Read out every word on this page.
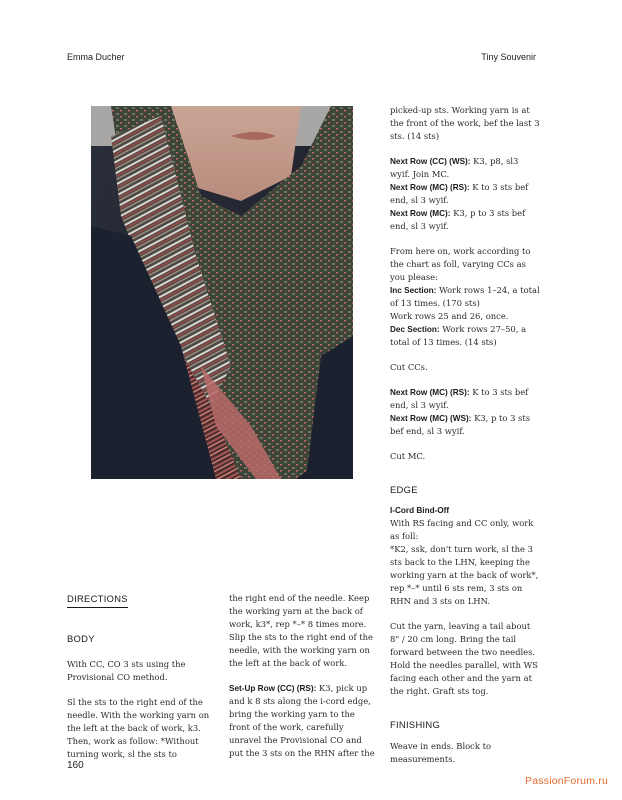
Emma Ducher	Tiny Souvenir
DIRECTIONS
BODY

With CC, CO 3 sts using the Provisional CO method.

Sl the sts to the right end of the needle. With the working yarn on the left at the back of work, k3. Then, work as follow: *Without turning work, sl the sts to

the right end of the needle. Keep the working yarn at the back of work, k3*, rep *–* 8 times more. Slip the sts to the right end of the needle, with the working yarn on the left at the back of work.

Set-Up Row (CC) (RS): K3, pick up and k 8 sts along the i-cord edge, bring the working yarn to the front of the work, carefully unravel the Provisional CO and put the 3 sts on the RHN after the

picked-up sts. Working yarn is at the front of the work, bef the last 3 sts. (14 sts)

Next Row (CC) (WS): K3, p8, sl3 wyif. Join MC.
Next Row (MC) (RS): K to 3 sts bef end, sl 3 wyif.
Next Row (MC): K3, p to 3 sts bef end, sl 3 wyif.
From here on, work according to the chart as foll, varying CCs as you please:
Inc Section: Work rows 1–24, a total of 13 times. (170 sts)
Work rows 25 and 26, once.
Dec Section: Work rows 27–50, a total of 13 times. (14 sts)

Cut CCs.

Next Row (MC) (RS): K to 3 sts bef end, sl 3 wyif.
Next Row (MC) (WS): K3, p to 3 sts bef end, sl 3 wyif.

Cut MC.

EDGE
I-Cord Bind-Off
With RS facing and CC only, work as foll:

*K2, ssk, don't turn work, sl the 3 sts back to the LHN, keeping the working yarn at the back of work*, rep *–* until 6 sts rem, 3 sts on RHN and 3 sts on LHN.

Cut the yarn, leaving a tail about 8" / 20 cm long. Bring the tail forward between the two needles. Hold the needles parallel, with WS facing each other and the yarn at the right. Graft sts tog.

FINISHING

Weave in ends. Block to measurements.

160
PassionForum.ru
